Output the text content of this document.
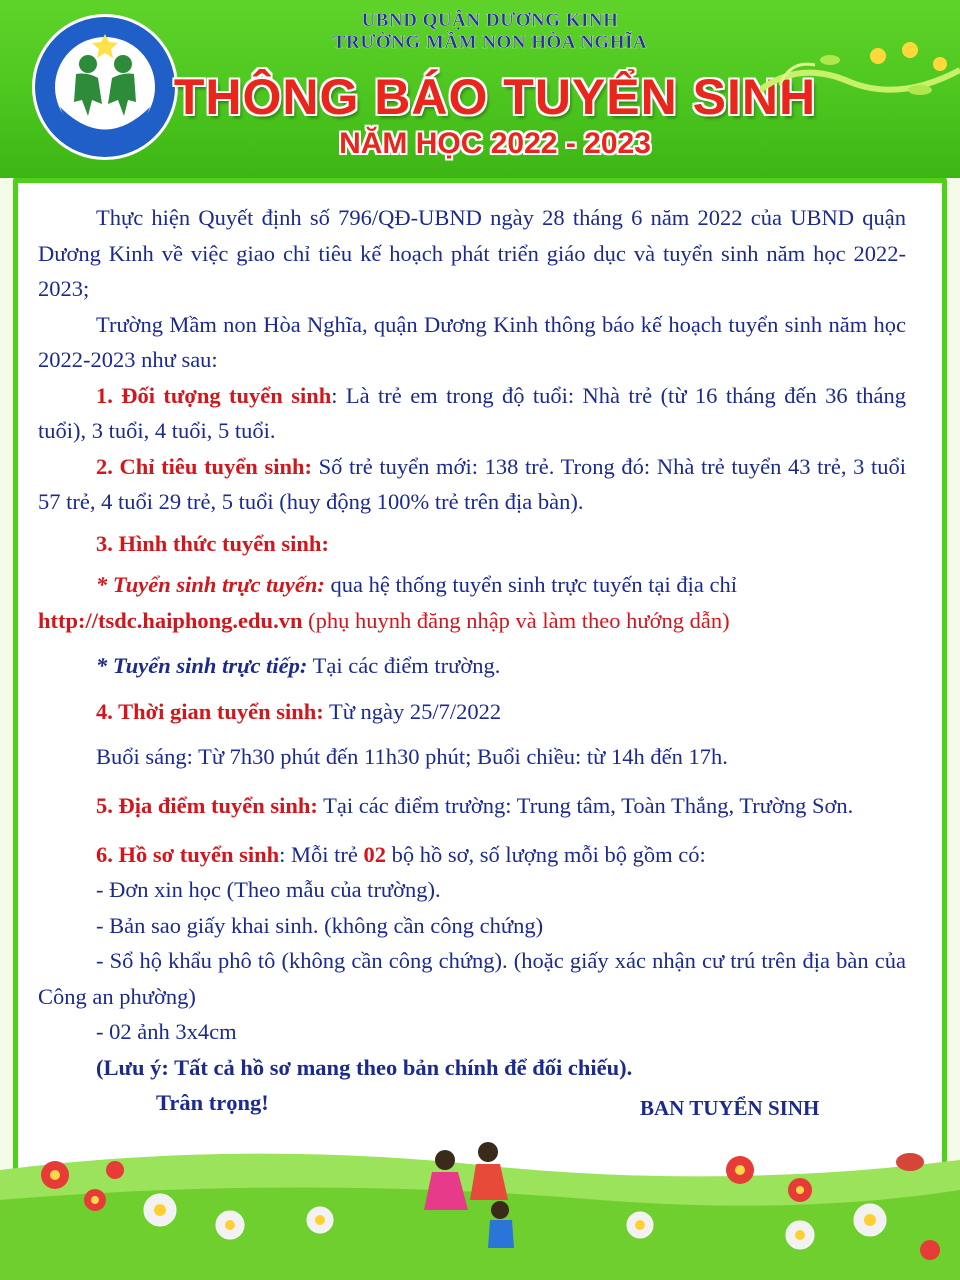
UBND QUẬN DƯƠNG KINH
TRƯỜNG MẦM NON HÒA NGHĨA
THÔNG BÁO TUYỂN SINH
NĂM HỌC 2022 - 2023

Thực hiện Quyết định số 796/QĐ-UBND ngày 28 tháng 6 năm 2022 của UBND quận Dương Kinh về việc giao chỉ tiêu kế hoạch phát triển giáo dục và tuyển sinh năm học 2022-2023;

Trường Mầm non Hòa Nghĩa, quận Dương Kinh thông báo kế hoạch tuyển sinh năm học 2022-2023 như sau:

1. Đối tượng tuyển sinh: Là trẻ em trong độ tuổi: Nhà trẻ (từ 16 tháng đến 36 tháng tuổi), 3 tuổi, 4 tuổi, 5 tuổi.

2. Chỉ tiêu tuyển sinh: Số trẻ tuyển mới: 138 trẻ. Trong đó: Nhà trẻ tuyển 43 trẻ, 3 tuổi 57 trẻ, 4 tuổi 29 trẻ, 5 tuổi (huy động 100% trẻ trên địa bàn).

3. Hình thức tuyển sinh:

* Tuyển sinh trực tuyến: qua hệ thống tuyển sinh trực tuyến tại địa chỉ

http://tsdc.haiphong.edu.vn (phụ huynh đăng nhập và làm theo hướng dẫn)

* Tuyển sinh trực tiếp: Tại các điểm trường.

4. Thời gian tuyển sinh: Từ ngày 25/7/2022

Buổi sáng: Từ 7h30 phút đến 11h30 phút; Buổi chiều: từ 14h đến 17h.

5. Địa điểm tuyển sinh: Tại các điểm trường: Trung tâm, Toàn Thắng, Trường Sơn.

6. Hồ sơ tuyển sinh: Mỗi trẻ 02 bộ hồ sơ, số lượng mỗi bộ gồm có:

- Đơn xin học (Theo mẫu của trường).

- Bản sao giấy khai sinh. (không cần công chứng)

- Sổ hộ khẩu phô tô (không cần công chứng). (hoặc giấy xác nhận cư trú trên địa bàn của Công an phường)

- 02 ảnh 3x4cm

(Lưu ý: Tất cả hồ sơ mang theo bản chính để đối chiếu).

Trân trọng!	BAN TUYỂN SINH
